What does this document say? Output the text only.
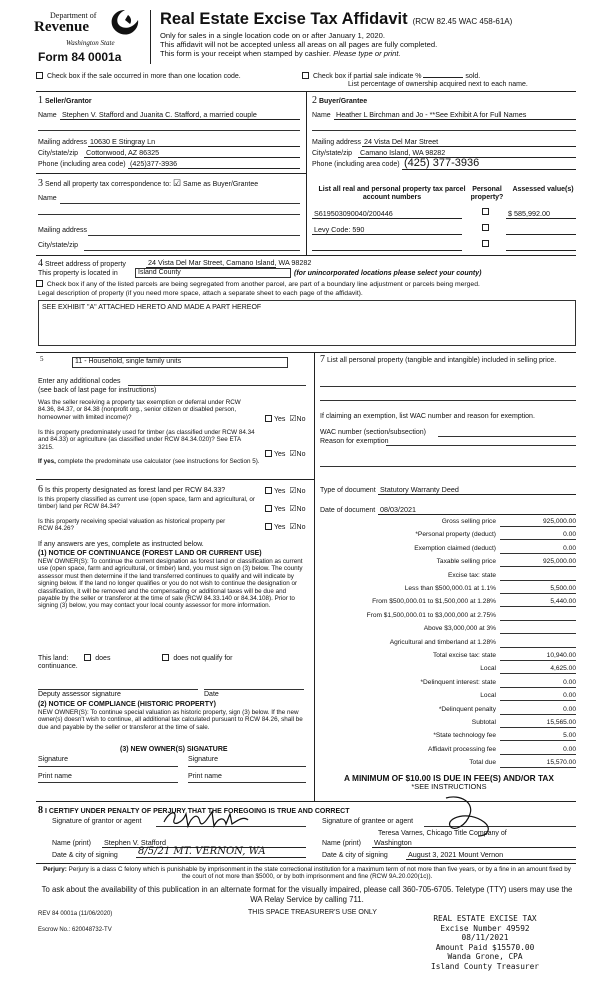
Department of
Revenue
Washington State
Form 84 0001a
Real Estate Excise Tax Affidavit (RCW 82.45 WAC 458-61A)
Only for sales in a single location code on or after January 1, 2020.
This affidavit will not be accepted unless all areas on all pages are fully completed.
This form is your receipt when stamped by cashier. Please type or print.
Check box if the sale occurred in more than one location code.	Check box if partial sale indicate %	sold.
List percentage of ownership acquired next to each name.
1 Seller/Grantor
Name Stephen V. Stafford and Juanita C. Stafford, a married couple
Mailing address 10630 E Stingray Ln
City/state/zip Cottonwood, AZ 86325
Phone (including area code) (425)377-3936
2 Buyer/Grantee
Name Heather L Birchman and Jo - **See Exhibit A for Full Names
Mailing address 24 Vista Del Mar Street
City/state/zip Camano Island, WA 98282
Phone (including area code) (425) 377-3936
3 Send all property tax correspondence to: ☑ Same as Buyer/Grantee
Name
Mailing address
City/state/zip
List all real and personal property tax parcel account numbers
Personal property?
Assessed value(s)
S619503090040/200446	$ 585,992.00
Levy Code: 590
4 Street address of property	24 Vista Del Mar Street, Camano Island, WA 98282
This property is located in	Island County	(for unincorporated locations please select your county)
Check box if any of the listed parcels are being segregated from another parcel, are part of a boundary line adjustment or parcels being merged.
Legal description of property (if you need more space, attach a separate sheet to each page of the affidavit).
SEE EXHIBIT "A" ATTACHED HERETO AND MADE A PART HEREOF
5	11 - Household, single family units
Enter any additional codes
(see back of last page for instructions)
Was the seller receiving a property tax exemption or deferral under RCW 84.36, 84.37, or 84.38 (nonprofit org., senior citizen or disabled person, homeowner with limited income)?	Yes ☑No
Is this property predominately used for timber (as classified under RCW 84.34 and 84.33) or agriculture (as classified under RCW 84.34.020)? See ETA 3215.
Yes ☑No
If yes, complete the predominate use calculator (see instructions for Section 5).
6 Is this property designated as forest land per RCW 84.33?	Yes ☑No
Is this property classified as current use (open space, farm and agricultural, or timber) land per RCW 84.34?	Yes ☑No
Is this property receiving special valuation as historical property per RCW 84.26?	Yes ☑No
If any answers are yes, complete as instructed below.
(1) NOTICE OF CONTINUANCE (FOREST LAND OR CURRENT USE)
NEW OWNER(S): To continue the current designation as forest land or classification as current use (open space, farm and agricultural, or timber) land, you must sign on (3) below. The county assessor must then determine if the land transferred continues to qualify and will indicate by signing below. If the land no longer qualifies or you do not wish to continue the designation or classification, it will be removed and the compensating or additional taxes will be due and payable by the seller or transferor at the time of sale (RCW 84.33.140 or 84.34.108). Prior to signing (3) below, you may contact your local county assessor for more information.
This land:	does	does not qualify for
continuance.
Deputy assessor signature	Date
(2) NOTICE OF COMPLIANCE (HISTORIC PROPERTY)
NEW OWNER(S): To continue special valuation as historic property, sign (3) below. If the new owner(s) doesn't wish to continue, all additional tax calculated pursuant to RCW 84.26, shall be due and payable by the seller or transferor at the time of sale.
(3) NEW OWNER(S) SIGNATURE
Signature	Signature
Print name	Print name
7 List all personal property (tangible and intangible) included in selling price.
If claiming an exemption, list WAC number and reason for exemption.
WAC number (section/subsection)
Reason for exemption
Type of document Statutory Warranty Deed
Date of document 08/03/2021
Gross selling price	925,000.00
*Personal property (deduct)	0.00
Exemption claimed (deduct)	0.00
Taxable selling price	925,000.00
Excise tax: state
Less than $500,000.01 at 1.1%	5,500.00
From $500,000.01 to $1,500,000 at 1.28%	5,440.00
From $1,500,000.01 to $3,000,000 at 2.75%
Above $3,000,000 at 3%
Agricultural and timberland at 1.28%
Total excise tax: state	10,940.00
Local	4,625.00
*Delinquent interest: state	0.00
Local	0.00
*Delinquent penalty	0.00
Subtotal	15,565.00
*State technology fee	5.00
Affidavit processing fee	0.00
Total due	15,570.00
A MINIMUM OF $10.00 IS DUE IN FEE(S) AND/OR TAX
*SEE INSTRUCTIONS
8 I CERTIFY UNDER PENALTY OF PERJURY THAT THE FOREGOING IS TRUE AND CORRECT
Signature of grantor or agent	Signature of grantee or agent
Name (print) Stephen V. Stafford
Teresa Varnes, Chicago Title Company of
Name (print) Washington
Date & city of signing 8/5/21 MT. VERNON, WA	Date & city of signing	August 3, 2021 Mount Vernon
Perjury: Perjury is a class C felony which is punishable by imprisonment in the state correctional institution for a maximum term of not more than five years, or by a fine in an amount fixed by the court of not more than $5000, or by both imprisonment and fine (RCW 9A.20.020(1c)).
To ask about the availability of this publication in an alternate format for the visually impaired, please call 360-705-6705. Teletype (TTY) users may use the WA Relay Service by calling 711.
REV 84 0001a (11/06/2020)	THIS SPACE TREASURER'S USE ONLY
Escrow No.: 620048732-TV
REAL ESTATE EXCISE TAX
Excise Number 49592
08/11/2021
Amount Paid $15570.00
Wanda Grone, CPA
Island County Treasurer
